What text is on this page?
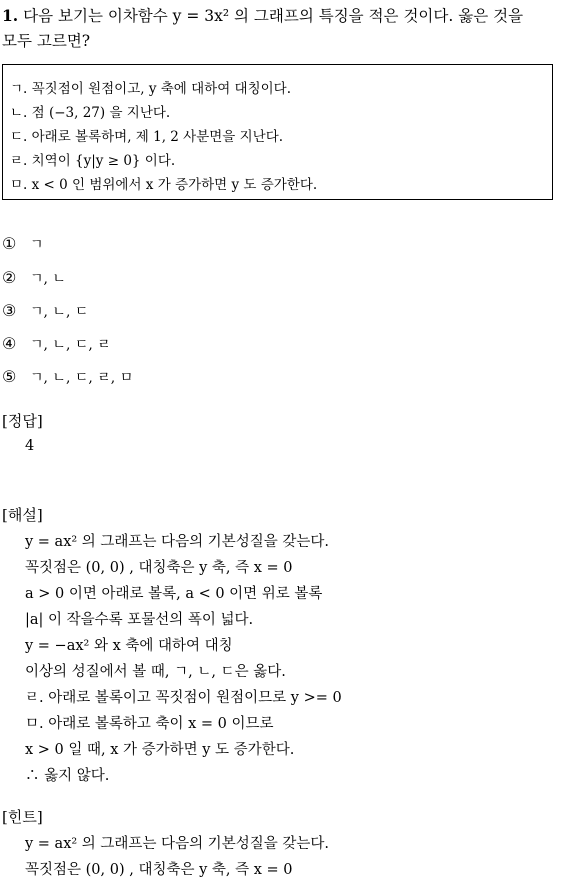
1. 다음 보기는 이차함수 y = 3x² 의 그래프의 특징을 적은 것이다. 옳은 것을
모두 고르면?
ㄱ. 꼭짓점이 원점이고, y 축에 대하여 대칭이다.
ㄴ. 점 (−3, 27) 을 지난다.
ㄷ. 아래로 볼록하며, 제 1, 2 사분면을 지난다.
ㄹ. 치역이 {y|y ≥ 0} 이다.
ㅁ. x < 0 인 범위에서 x 가 증가하면 y 도 증가한다.
① ㄱ
② ㄱ, ㄴ
③ ㄱ, ㄴ, ㄷ
④ ㄱ, ㄴ, ㄷ, ㄹ
⑤ ㄱ, ㄴ, ㄷ, ㄹ, ㅁ
[정답]
4
[해설]
y = ax² 의 그래프는 다음의 기본성질을 갖는다.
꼭짓점은 (0, 0) , 대칭축은 y 축, 즉 x = 0
a > 0 이면 아래로 볼록, a < 0 이면 위로 볼록
|a| 이 작을수록 포물선의 폭이 넓다.
y = −ax² 와 x 축에 대하여 대칭
이상의 성질에서 볼 때, ㄱ, ㄴ, ㄷ은 옳다.
ㄹ. 아래로 볼록이고 꼭짓점이 원점이므로 y >= 0
ㅁ. 아래로 볼록하고 축이 x = 0 이므로
x > 0 일 때, x 가 증가하면 y 도 증가한다.
∴ 옳지 않다.
[힌트]
y = ax² 의 그래프는 다음의 기본성질을 갖는다.
꼭짓점은 (0, 0) , 대칭축은 y 축, 즉 x = 0
